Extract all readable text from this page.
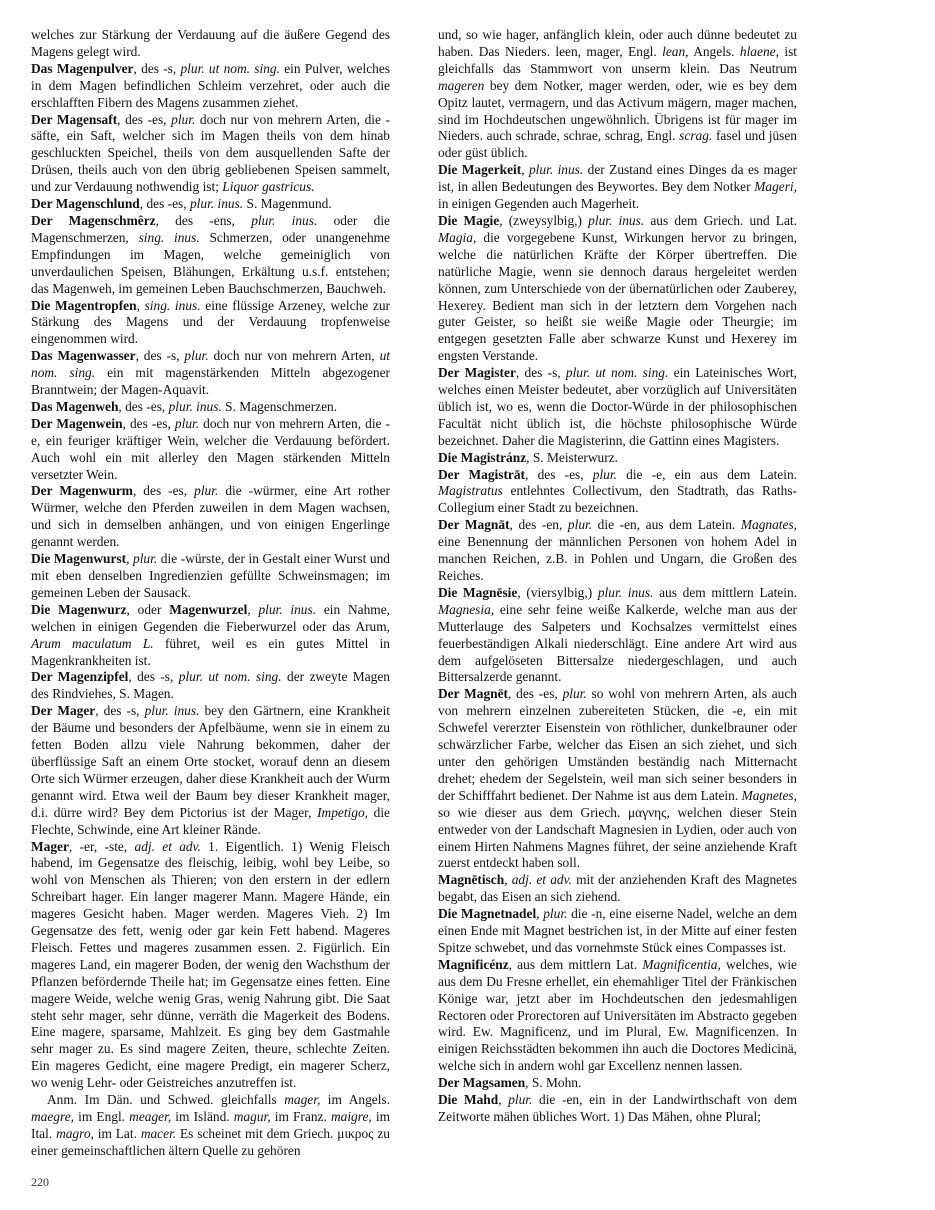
welches zur Stärkung der Verdauung auf die äußere Gegend des Magens gelegt wird.

Das Magenpulver, des -s, plur. ut nom. sing. ein Pulver, welches in dem Magen befindlichen Schleim verzehret, oder auch die erschlafften Fibern des Magens zusammen ziehet.

Der Magensaft, des -es, plur. doch nur von mehrern Arten, die -säfte, ein Saft, welcher sich im Magen theils von dem hinab geschluckten Speichel, theils von dem ausquellenden Safte der Drüsen, theils auch von den übrig gebliebenen Speisen sammelt, und zur Verdauung nothwendig ist; Liquor gastricus.

Der Magenschlund, des -es, plur. inus. S. Magenmund.

Der Magenschmêrz, des -ens, plur. inus. oder die Magenschmerzen, sing. inus. Schmerzen, oder unangenehme Empfindungen im Magen, welche gemeiniglich von unverdaulichen Speisen, Blähungen, Erkältung u.s.f. entstehen; das Magenweh, im gemeinen Leben Bauchschmerzen, Bauchweh.

Die Magentropfen, sing. inus. eine flüssige Arzeney, welche zur Stärkung des Magens und der Verdauung tropfenweise eingenommen wird.

Das Magenwasser, des -s, plur. doch nur von mehrern Arten, ut nom. sing. ein mit magenstärkenden Mitteln abgezogener Branntwein; der Magen-Aquavit.

Das Magenweh, des -es, plur. inus. S. Magenschmerzen.

Der Magenwein, des -es, plur. doch nur von mehrern Arten, die -e, ein feuriger kräftiger Wein, welcher die Verdauung befördert. Auch wohl ein mit allerley den Magen stärkenden Mitteln versetzter Wein.

Der Magenwurm, des -es, plur. die -würmer, eine Art rother Würmer, welche den Pferden zuweilen in dem Magen wachsen, und sich in demselben anhängen, und von einigen Engerlinge genannt werden.

Die Magenwurst, plur. die -würste, der in Gestalt einer Wurst und mit eben denselben Ingredienzien gefüllte Schweinsmagen; im gemeinen Leben der Sausack.

Die Magenwurz, oder Magenwurzel, plur. inus. ein Nahme, welchen in einigen Gegenden die Fieberwurzel oder das Arum, Arum maculatum L. führet, weil es ein gutes Mittel in Magenkrankheiten ist.

Der Magenzipfel, des -s, plur. ut nom. sing. der zweyte Magen des Rindviehes, S. Magen.

Der Mager, des -s, plur. inus. bey den Gärtnern, eine Krankheit der Bäume und besonders der Apfelbäume, wenn sie in einem zu fetten Boden allzu viele Nahrung bekommen, daher der überflüssige Saft an einem Orte stocket, worauf denn an diesem Orte sich Würmer erzeugen, daher diese Krankheit auch der Wurm genannt wird. Etwa weil der Baum bey dieser Krankheit mager, d.i. dürre wird? Bey dem Pictorius ist der Mager, Impetigo, die Flechte, Schwinde, eine Art kleiner Rände.

Mager, -er, -ste, adj. et adv. 1. Eigentlich. 1) Wenig Fleisch habend, im Gegensatze des fleischig, leibig, wohl bey Leibe, so wohl von Menschen als Thieren; von den erstern in der edlern Schreibart hager. Ein langer magerer Mann. Magere Hände, ein mageres Gesicht haben. Mager werden. Mageres Vieh. 2) Im Gegensatze des fett, wenig oder gar kein Fett habend. Mageres Fleisch. Fettes und mageres zusammen essen. 2. Figürlich. Ein mageres Land, ein magerer Boden, der wenig den Wachsthum der Pflanzen befördernde Theile hat; im Gegensatze eines fetten. Eine magere Weide, welche wenig Gras, wenig Nahrung gibt. Die Saat steht sehr mager, sehr dünne, verräth die Magerkeit des Bodens. Eine magere, sparsame, Mahlzeit. Es ging bey dem Gastmahle sehr mager zu. Es sind magere Zeiten, theure, schlechte Zeiten. Ein mageres Gedicht, eine magere Predigt, ein magerer Scherz, wo wenig Lehr- oder Geistreiches anzutreffen ist.

Anm. Im Dän. und Schwed. gleichfalls mager, im Angels. maegre, im Engl. meager, im Isländ. magur, im Franz. maigre, im Ital. magro, im Lat. macer. Es scheinet mit dem Griech. μικρος zu einer gemeinschaftlichen ältern Quelle zu gehören

und, so wie hager, anfänglich klein, oder auch dünne bedeutet zu haben. Das Nieders. leen, mager, Engl. lean, Angels. hlaene, ist gleichfalls das Stammwort von unserm klein. Das Neutrum mageren bey dem Notker, mager werden, oder, wie es bey dem Opitz lautet, vermagern, und das Activum mägern, mager machen, sind im Hochdeutschen ungewöhnlich. Übrigens ist für mager im Nieders. auch schrade, schrae, schrag, Engl. scrag. fasel und jüsen oder güst üblich.

Die Magerkeit, plur. inus. der Zustand eines Dinges da es mager ist, in allen Bedeutungen des Beywortes. Bey dem Notker Mageri, in einigen Gegenden auch Magerheit.

Die Magie, (zweysylbig,) plur. inus. aus dem Griech. und Lat. Magia, die vorgegebene Kunst, Wirkungen hervor zu bringen, welche die natürlichen Kräfte der Körper übertreffen. Die natürliche Magie, wenn sie dennoch daraus hergeleitet werden können, zum Unterschiede von der übernatürlichen oder Zauberey, Hexerey. Bedient man sich in der letztern dem Vorgehen nach guter Geister, so heißt sie weiße Magie oder Theurgie; im entgegen gesetzten Falle aber schwarze Kunst und Hexerey im engsten Verstande.

Der Magister, des -s, plur. ut nom. sing. ein Lateinisches Wort, welches einen Meister bedeutet, aber vorzüglich auf Universitäten üblich ist, wo es, wenn die Doctor-Würde in der philosophischen Facultät nicht üblich ist, die höchste philosophische Würde bezeichnet. Daher die Magisterinn, die Gattinn eines Magisters.

Die Magistránz, S. Meisterwurz.

Der Magistrāt, des -es, plur. die -e, ein aus dem Latein. Magistratus entlehntes Collectivum, den Stadtrath, das Raths-Collegium einer Stadt zu bezeichnen.

Der Magnāt, des -en, plur. die -en, aus dem Latein. Magnates, eine Benennung der männlichen Personen von hohem Adel in manchen Reichen, z.B. in Pohlen und Ungarn, die Großen des Reiches.

Die Magnēsie, (viersylbig,) plur. inus. aus dem mittlern Latein. Magnesia, eine sehr feine weiße Kalkerde, welche man aus der Mutterlauge des Salpeters und Kochsalzes vermittelst eines feuerbeständigen Alkali niederschlägt. Eine andere Art wird aus dem aufgelöseten Bittersalze niedergeschlagen, und auch Bittersalzerde genannt.

Der Magnēt, des -es, plur. so wohl von mehrern Arten, als auch von mehrern einzelnen zubereiteten Stücken, die -e, ein mit Schwefel vererzter Eisenstein von röthlicher, dunkelbrauner oder schwärzlicher Farbe, welcher das Eisen an sich ziehet, und sich unter den gehörigen Umständen beständig nach Mitternacht drehet; ehedem der Segelstein, weil man sich seiner besonders in der Schifffahrt bedienet. Der Nahme ist aus dem Latein. Magnetes, so wie dieser aus dem Griech. μαγνης, welchen dieser Stein entweder von der Landschaft Magnesien in Lydien, oder auch von einem Hirten Nahmens Magnes führet, der seine anziehende Kraft zuerst entdeckt haben soll.

Magnētisch, adj. et adv. mit der anziehenden Kraft des Magnetes begabt, das Eisen an sich ziehend.

Die Magnetnadel, plur. die -n, eine eiserne Nadel, welche an dem einen Ende mit Magnet bestrichen ist, in der Mitte auf einer festen Spitze schwebet, und das vornehmste Stück eines Compasses ist.

Magnificénz, aus dem mittlern Lat. Magnificentia, welches, wie aus dem Du Fresne erhellet, ein ehemahliger Titel der Fränkischen Könige war, jetzt aber im Hochdeutschen den jedesmahligen Rectoren oder Prorectoren auf Universitäten im Abstracto gegeben wird. Ew. Magnificenz, und im Plural, Ew. Magnificenzen. In einigen Reichsstädten bekommen ihn auch die Doctores Medicinä, welche sich in andern wohl gar Excellenz nennen lassen.

Der Magsamen, S. Mohn.

Die Mahd, plur. die -en, ein in der Landwirthschaft von dem Zeitworte mähen übliches Wort. 1) Das Mähen, ohne Plural;

220
